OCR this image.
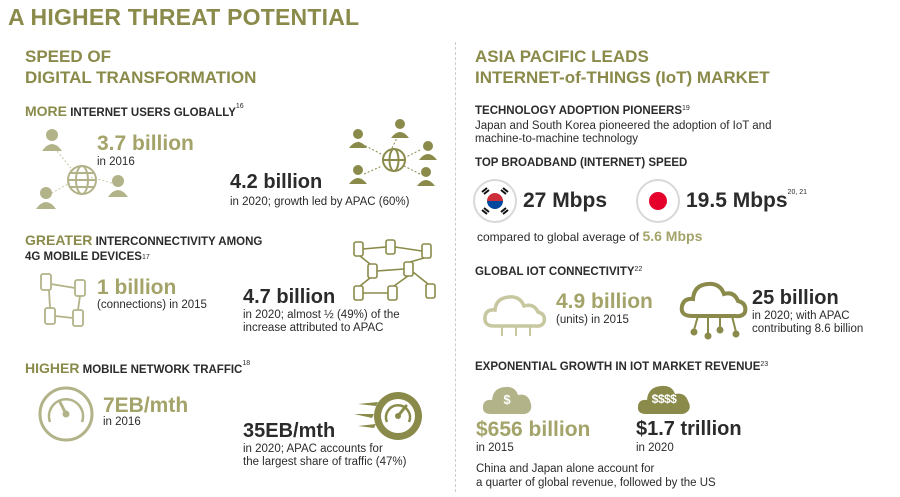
A HIGHER THREAT POTENTIAL
SPEED OF
DIGITAL TRANSFORMATION
MORE INTERNET USERS GLOBALLY$^{16}$
3.7 billion
in 2016
4.2 billion
in 2020; growth led by APAC (60%)
GREATER INTERCONNECTIVITY AMONG
4G MOBILE DEVICES$^{17}$
1 billion
(connections) in 2015 4.7 billion
in 2020; almost ½ (49%) of the
increase attributed to APAC
HIGHER MOBILE NETWORK TRAFFIC$^{18}$
7EB/mth
in 2016	35EB/mth
in 2020; APAC accounts for
the largest share of traffic (47%)
ASIA PACIFIC LEADS
INTERNET-of-THINGS (IoT) MARKET
TECHNOLOGY ADOPTION PIONEERS$^{19}$
Japan and South Korea pioneered the adoption of IoT and
machine-to-machine technology
TOP BROADBAND (INTERNET) SPEED
27 Mbps	19.5 Mbps$^{20, 21}$
compared to global average of 5.6 Mbps
GLOBAL IOT CONNECTIVITY$^{22}$
4.9 billion
(units) in 2015
25 billion
in 2020; with APAC
contributing 8.6 billion
EXPONENTIAL GROWTH IN IOT MARKET REVENUE$^{23}$
$
$656 billion
in 2015
$$$$
$1.7 trillion
in 2020
China and Japan alone account for
a quarter of global revenue, followed by the US
